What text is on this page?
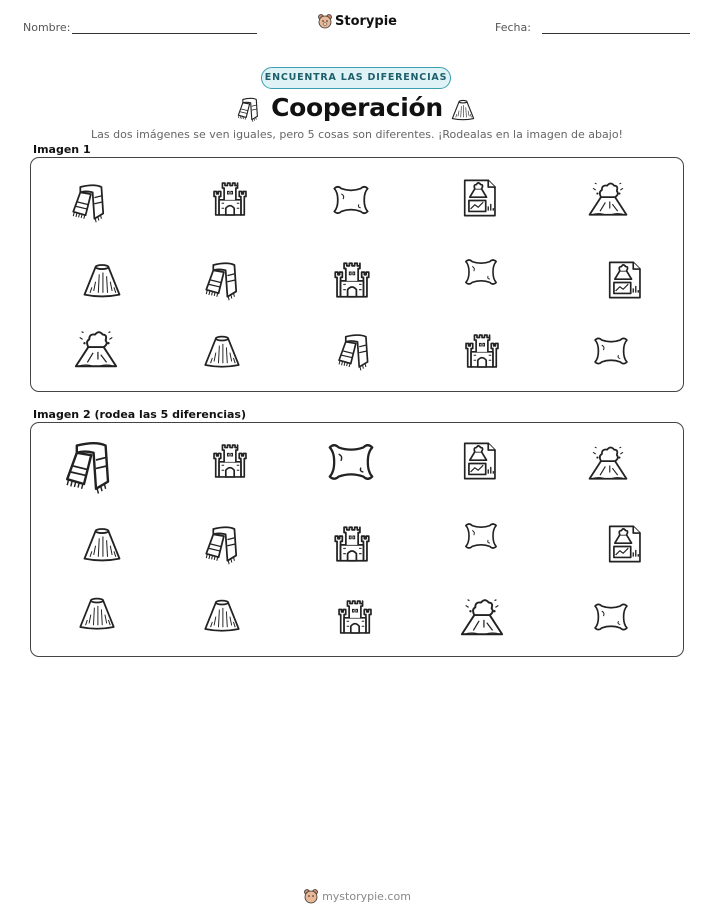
Nombre:	Storypie	Fecha:
ENCUENTRA LAS DIFERENCIAS
Cooperación
Las dos imágenes se ven iguales, pero 5 cosas son diferentes. ¡Rodealas en la imagen de abajo!
Imagen 1
Imagen 2 (rodea las 5 diferencias)
mystorypie.com
